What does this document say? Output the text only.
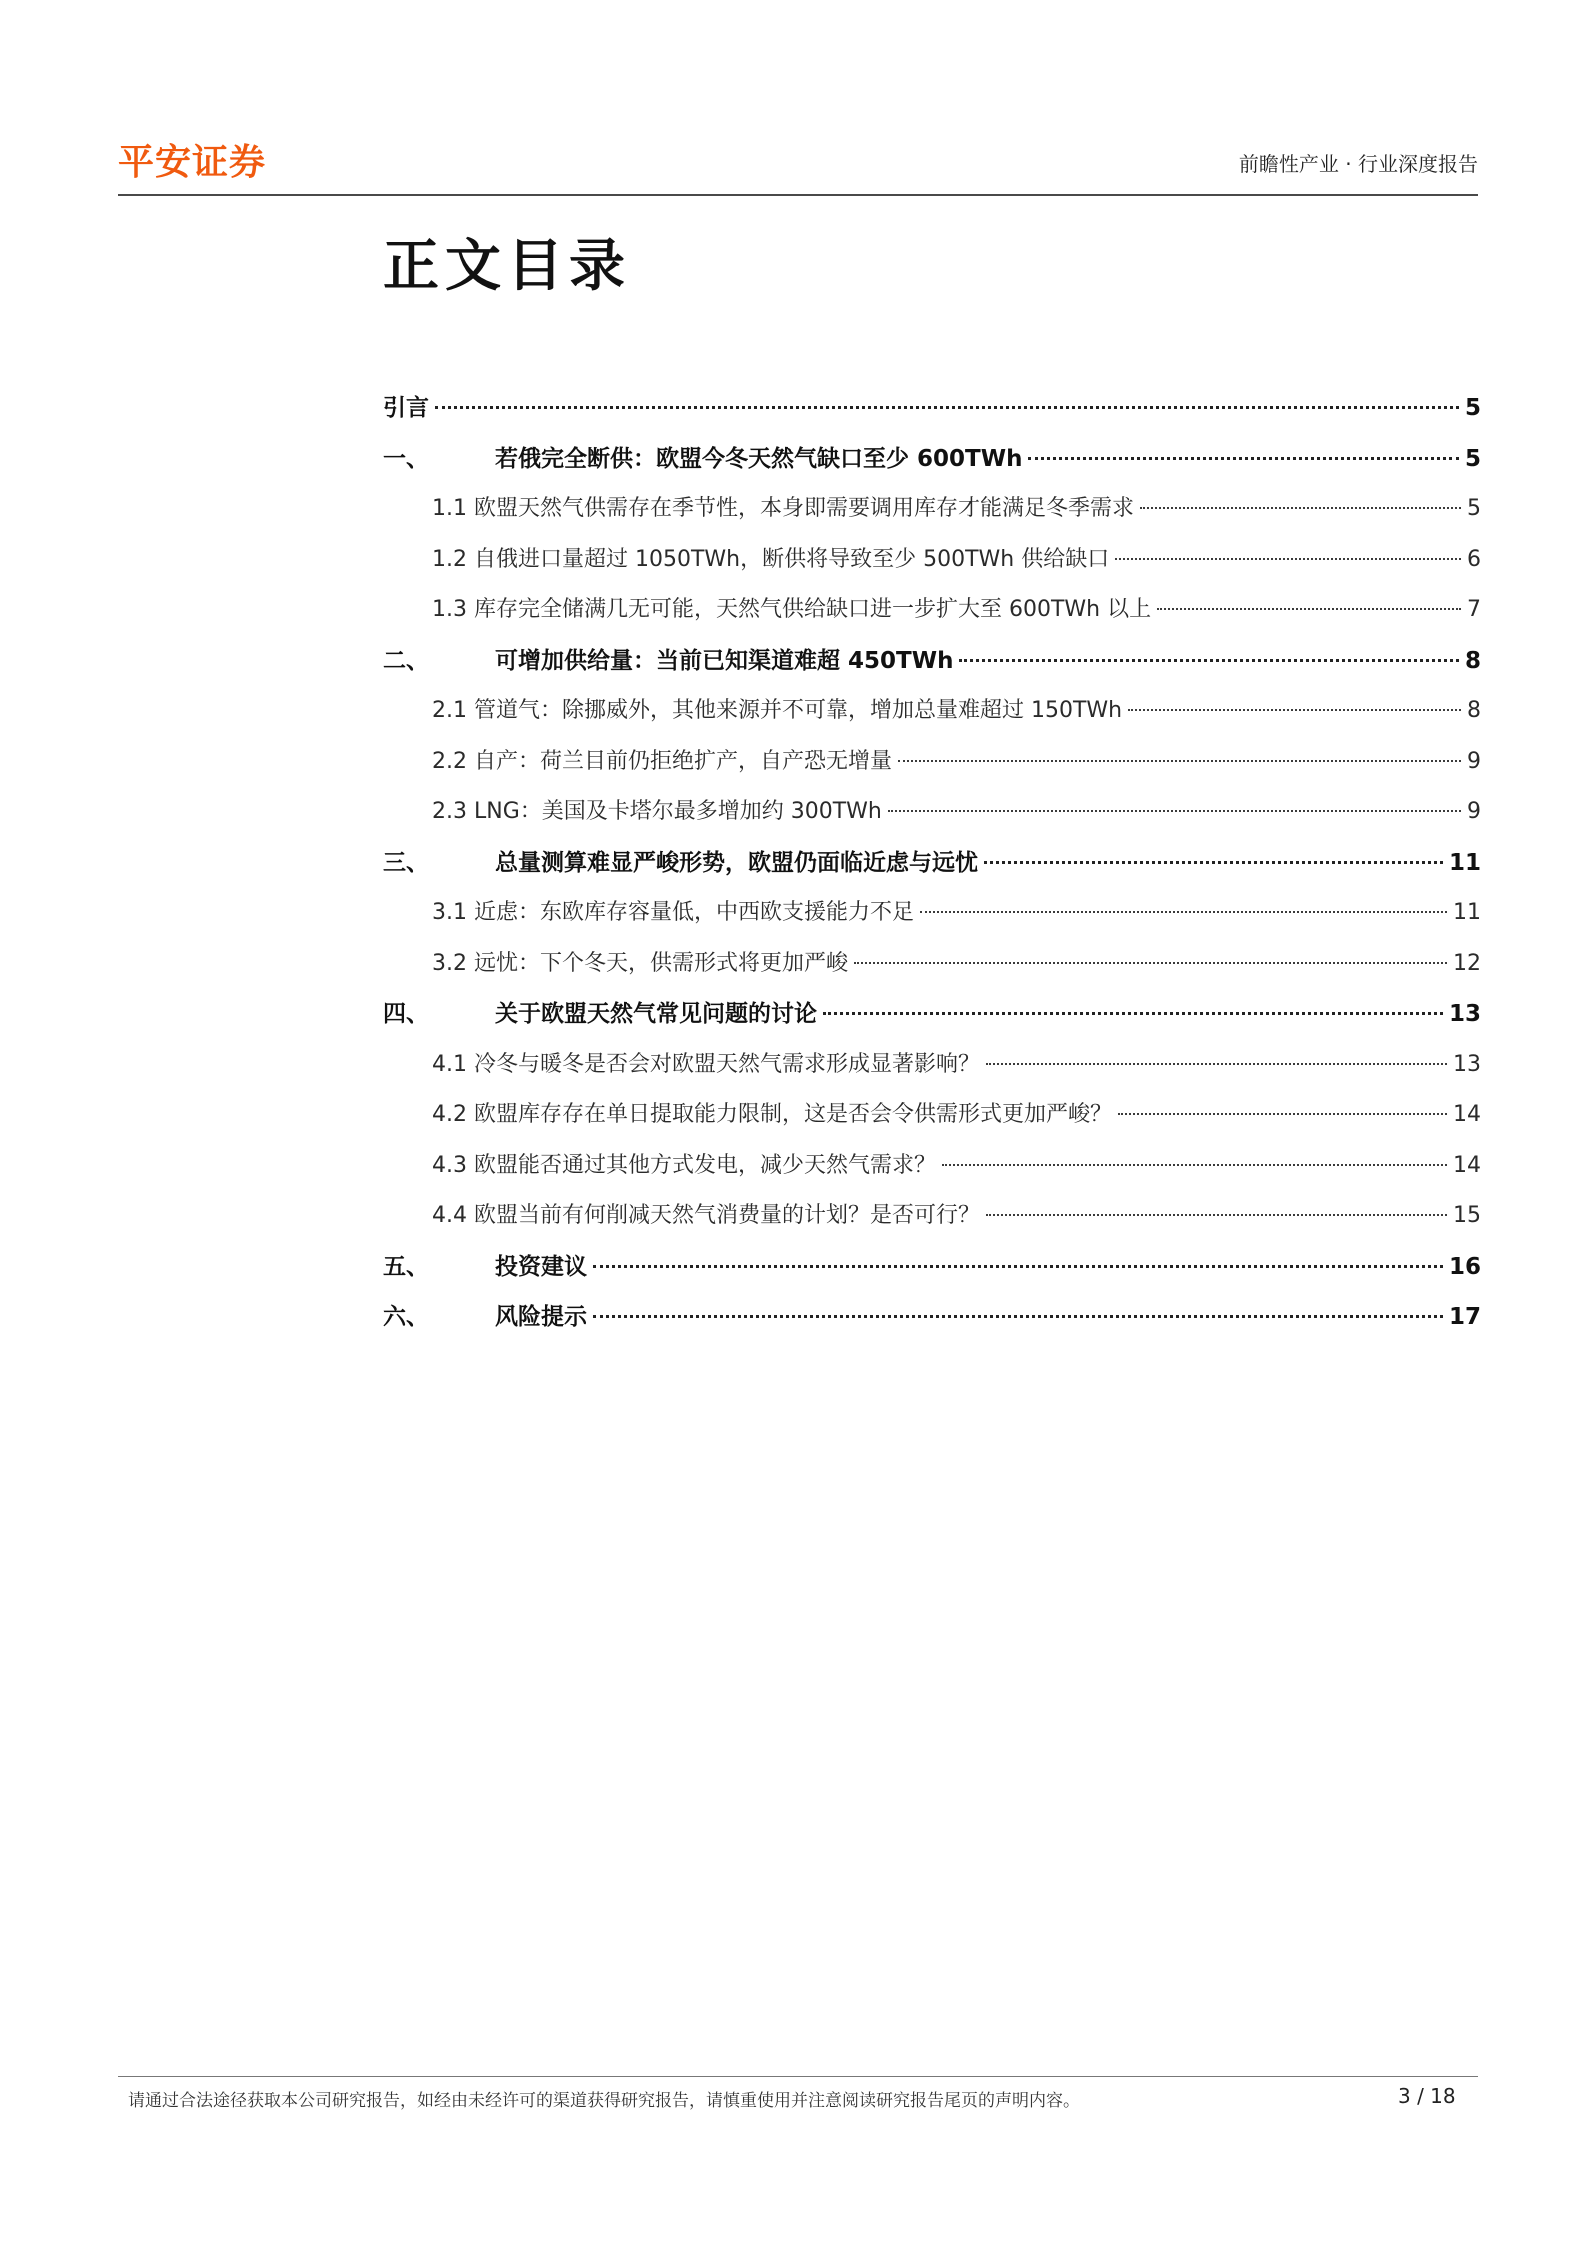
平安证券	前瞻性产业 · 行业深度报告
正文目录
引言	5
一、	若俄完全断供：欧盟今冬天然气缺口至少 600TWh	5
1.1 欧盟天然气供需存在季节性，本身即需要调用库存才能满足冬季需求	5
1.2 自俄进口量超过 1050TWh，断供将导致至少 500TWh 供给缺口	6
1.3 库存完全储满几无可能，天然气供给缺口进一步扩大至 600TWh 以上	7
二、	可增加供给量：当前已知渠道难超 450TWh	8
2.1 管道气：除挪威外，其他来源并不可靠，增加总量难超过 150TWh	8
2.2 自产：荷兰目前仍拒绝扩产，自产恐无增量	9
2.3 LNG：美国及卡塔尔最多增加约 300TWh	9
三、	总量测算难显严峻形势，欧盟仍面临近虑与远忧	11
3.1 近虑：东欧库存容量低，中西欧支援能力不足	11
3.2 远忧：下个冬天，供需形式将更加严峻	12
四、	关于欧盟天然气常见问题的讨论	13
4.1 冷冬与暖冬是否会对欧盟天然气需求形成显著影响？	13
4.2 欧盟库存存在单日提取能力限制，这是否会令供需形式更加严峻？	14
4.3 欧盟能否通过其他方式发电，减少天然气需求？	14
4.4 欧盟当前有何削减天然气消费量的计划？是否可行？	15
五、	投资建议	16
六、	风险提示	17
请通过合法途径获取本公司研究报告，如经由未经许可的渠道获得研究报告，请慎重使用并注意阅读研究报告尾页的声明内容。	3 / 18
